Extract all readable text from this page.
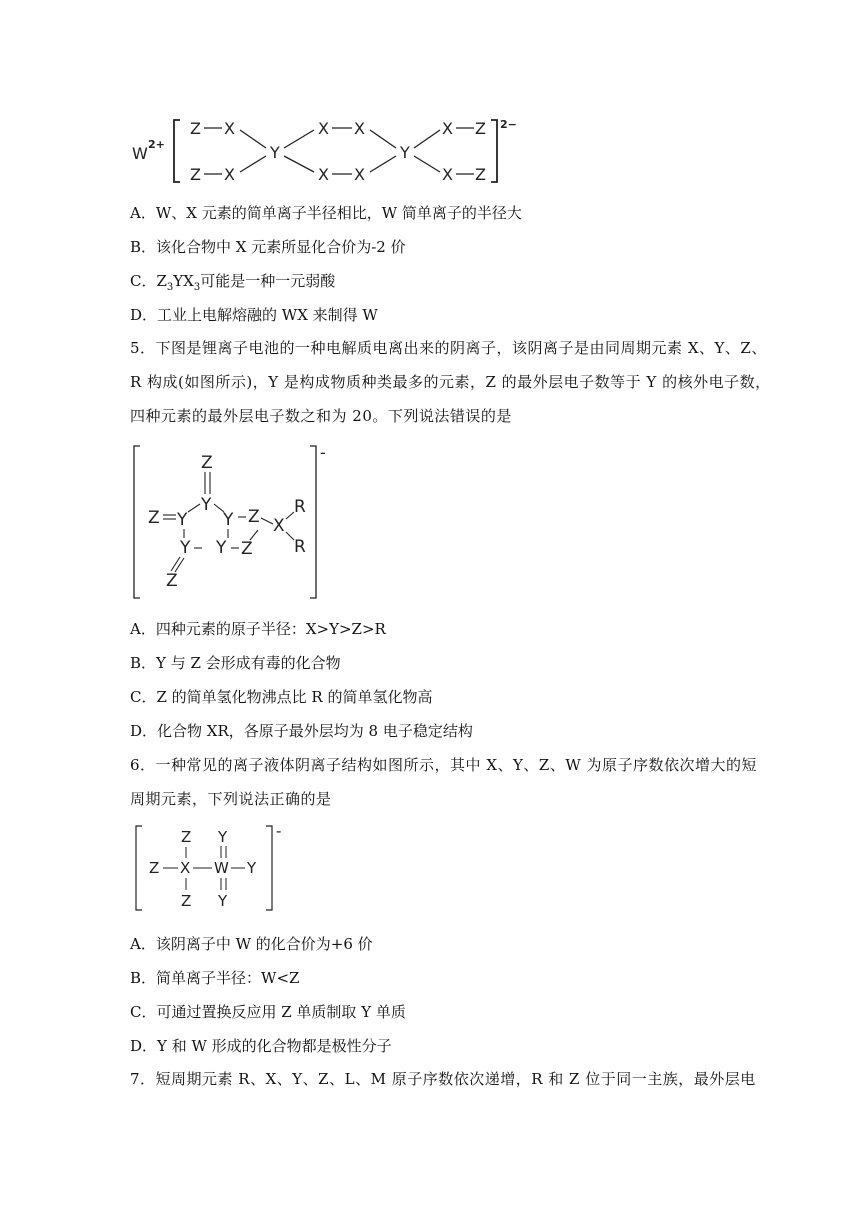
W 2+
2−
Z X
Z X
Y
X X
X X
Y
X Z
X Z
A．W、X 元素的简单离子半径相比，W 简单离子的半径大
B．该化合物中 X 元素所显化合价为-2 价
C．$Z_3YX_3$可能是一种一元弱酸
D．工业上电解熔融的 WX 来制得 W
5．下图是锂离子电池的一种电解质电离出来的阴离子，该阴离子是由同周期元素 X、Y、Z、
R 构成(如图所示)，Y 是构成物质种类最多的元素，Z 的最外层电子数等于 Y 的核外电子数，
四种元素的最外层电子数之和为 20。下列说法错误的是
-
Z
Y
Z Y Y Z X
R
R
Y Y Z
Z
A．四种元素的原子半径：X>Y>Z>R
B．Y 与 Z 会形成有毒的化合物
C．Z 的简单氢化物沸点比 R 的简单氢化物高
D．化合物 XR，各原子最外层均为 8 电子稳定结构
6．一种常见的离子液体阴离子结构如图所示，其中 X、Y、Z、W 为原子序数依次增大的短
周期元素，下列说法正确的是
-
Z Y
Z X W Y
Z Y
A．该阴离子中 W 的化合价为+6 价
B．简单离子半径：W<Z
C．可通过置换反应用 Z 单质制取 Y 单质
D．Y 和 W 形成的化合物都是极性分子
7．短周期元素 R、X、Y、Z、L、M 原子序数依次递增，R 和 Z 位于同一主族，最外层电
